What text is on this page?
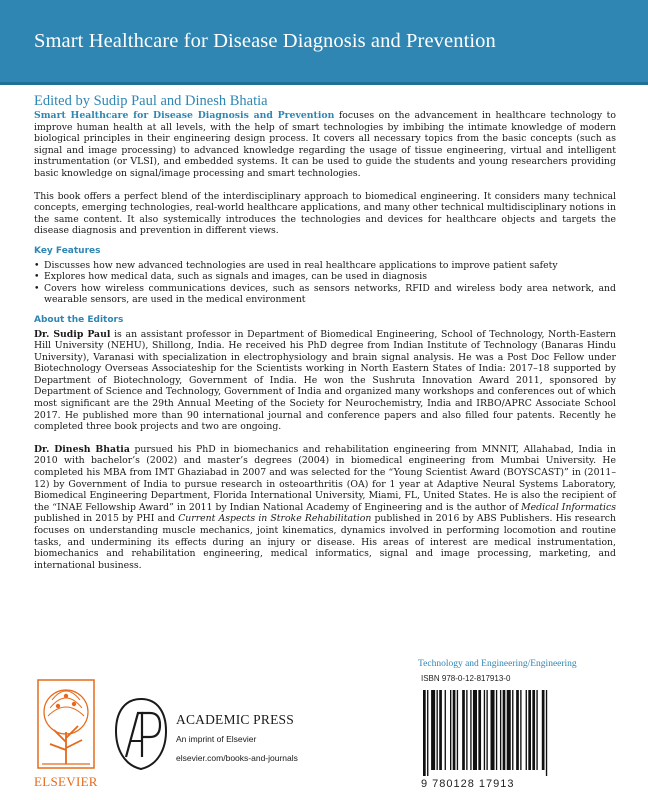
Smart Healthcare for Disease Diagnosis and Prevention
Edited by Sudip Paul and Dinesh Bhatia

Smart Healthcare for Disease Diagnosis and Prevention focuses on the advancement in healthcare technology to improve human health at all levels, with the help of smart technologies by imbibing the intimate knowledge of modern biological principles in their engineering design process. It covers all necessary topics from the basic concepts (such as signal and image processing) to advanced knowledge regarding the usage of tissue engineering, virtual and intelligent instrumentation (or VLSI), and embedded systems. It can be used to guide the students and young researchers providing basic knowledge on signal/image processing and smart technologies.

This book offers a perfect blend of the interdisciplinary approach to biomedical engineering. It considers many technical concepts, emerging technologies, real-world healthcare applications, and many other technical multidisciplinary notions in the same content. It also systemically introduces the technologies and devices for healthcare objects and targets the disease diagnosis and prevention in different views.

Key Features
• Discusses how new advanced technologies are used in real healthcare applications to improve patient safety
• Explores how medical data, such as signals and images, can be used in diagnosis
• Covers how wireless communications devices, such as sensors networks, RFID and wireless body area network, and wearable sensors, are used in the medical environment
About the Editors

Dr. Sudip Paul is an assistant professor in Department of Biomedical Engineering, School of Technology, North-Eastern Hill University (NEHU), Shillong, India. He received his PhD degree from Indian Institute of Technology (Banaras Hindu University), Varanasi with specialization in electrophysiology and brain signal analysis. He was a Post Doc Fellow under Biotechnology Overseas Associateship for the Scientists working in North Eastern States of India: 2017–18 supported by Department of Biotechnology, Government of India. He won the Sushruta Innovation Award 2011, sponsored by Department of Science and Technology, Government of India and organized many workshops and conferences out of which most significant are the 29th Annual Meeting of the Society for Neurochemistry, India and IRBO/APRC Associate School 2017. He published more than 90 international journal and conference papers and also filled four patents. Recently he completed three book projects and two are ongoing.

Dr. Dinesh Bhatia pursued his PhD in biomechanics and rehabilitation engineering from MNNIT, Allahabad, India in 2010 with bachelor’s (2002) and master’s degrees (2004) in biomedical engineering from Mumbai University. He completed his MBA from IMT Ghaziabad in 2007 and was selected for the “Young Scientist Award (BOYSCAST)” in (2011–12) by Government of India to pursue research in osteoarthritis (OA) for 1 year at Adaptive Neural Systems Laboratory, Biomedical Engineering Department, Florida International University, Miami, FL, United States. He is also the recipient of the “INAE Fellowship Award” in 2011 by Indian National Academy of Engineering and is the author of Medical Informatics published in 2015 by PHI and Current Aspects in Stroke Rehabilitation published in 2016 by ABS Publishers. His research focuses on understanding muscle mechanics, joint kinematics, dynamics involved in performing locomotion and routine tasks, and undermining its effects during an injury or disease. His areas of interest are medical instrumentation, biomechanics and rehabilitation engineering, medical informatics, signal and image processing, marketing, and international business.

Technology and Engineering/Engineering
ISBN 978-0-12-817913-0
9 780128 17913
ELSEVIER
ACADEMIC PRESS
An imprint of Elsevier
elsevier.com/books-and-journals
